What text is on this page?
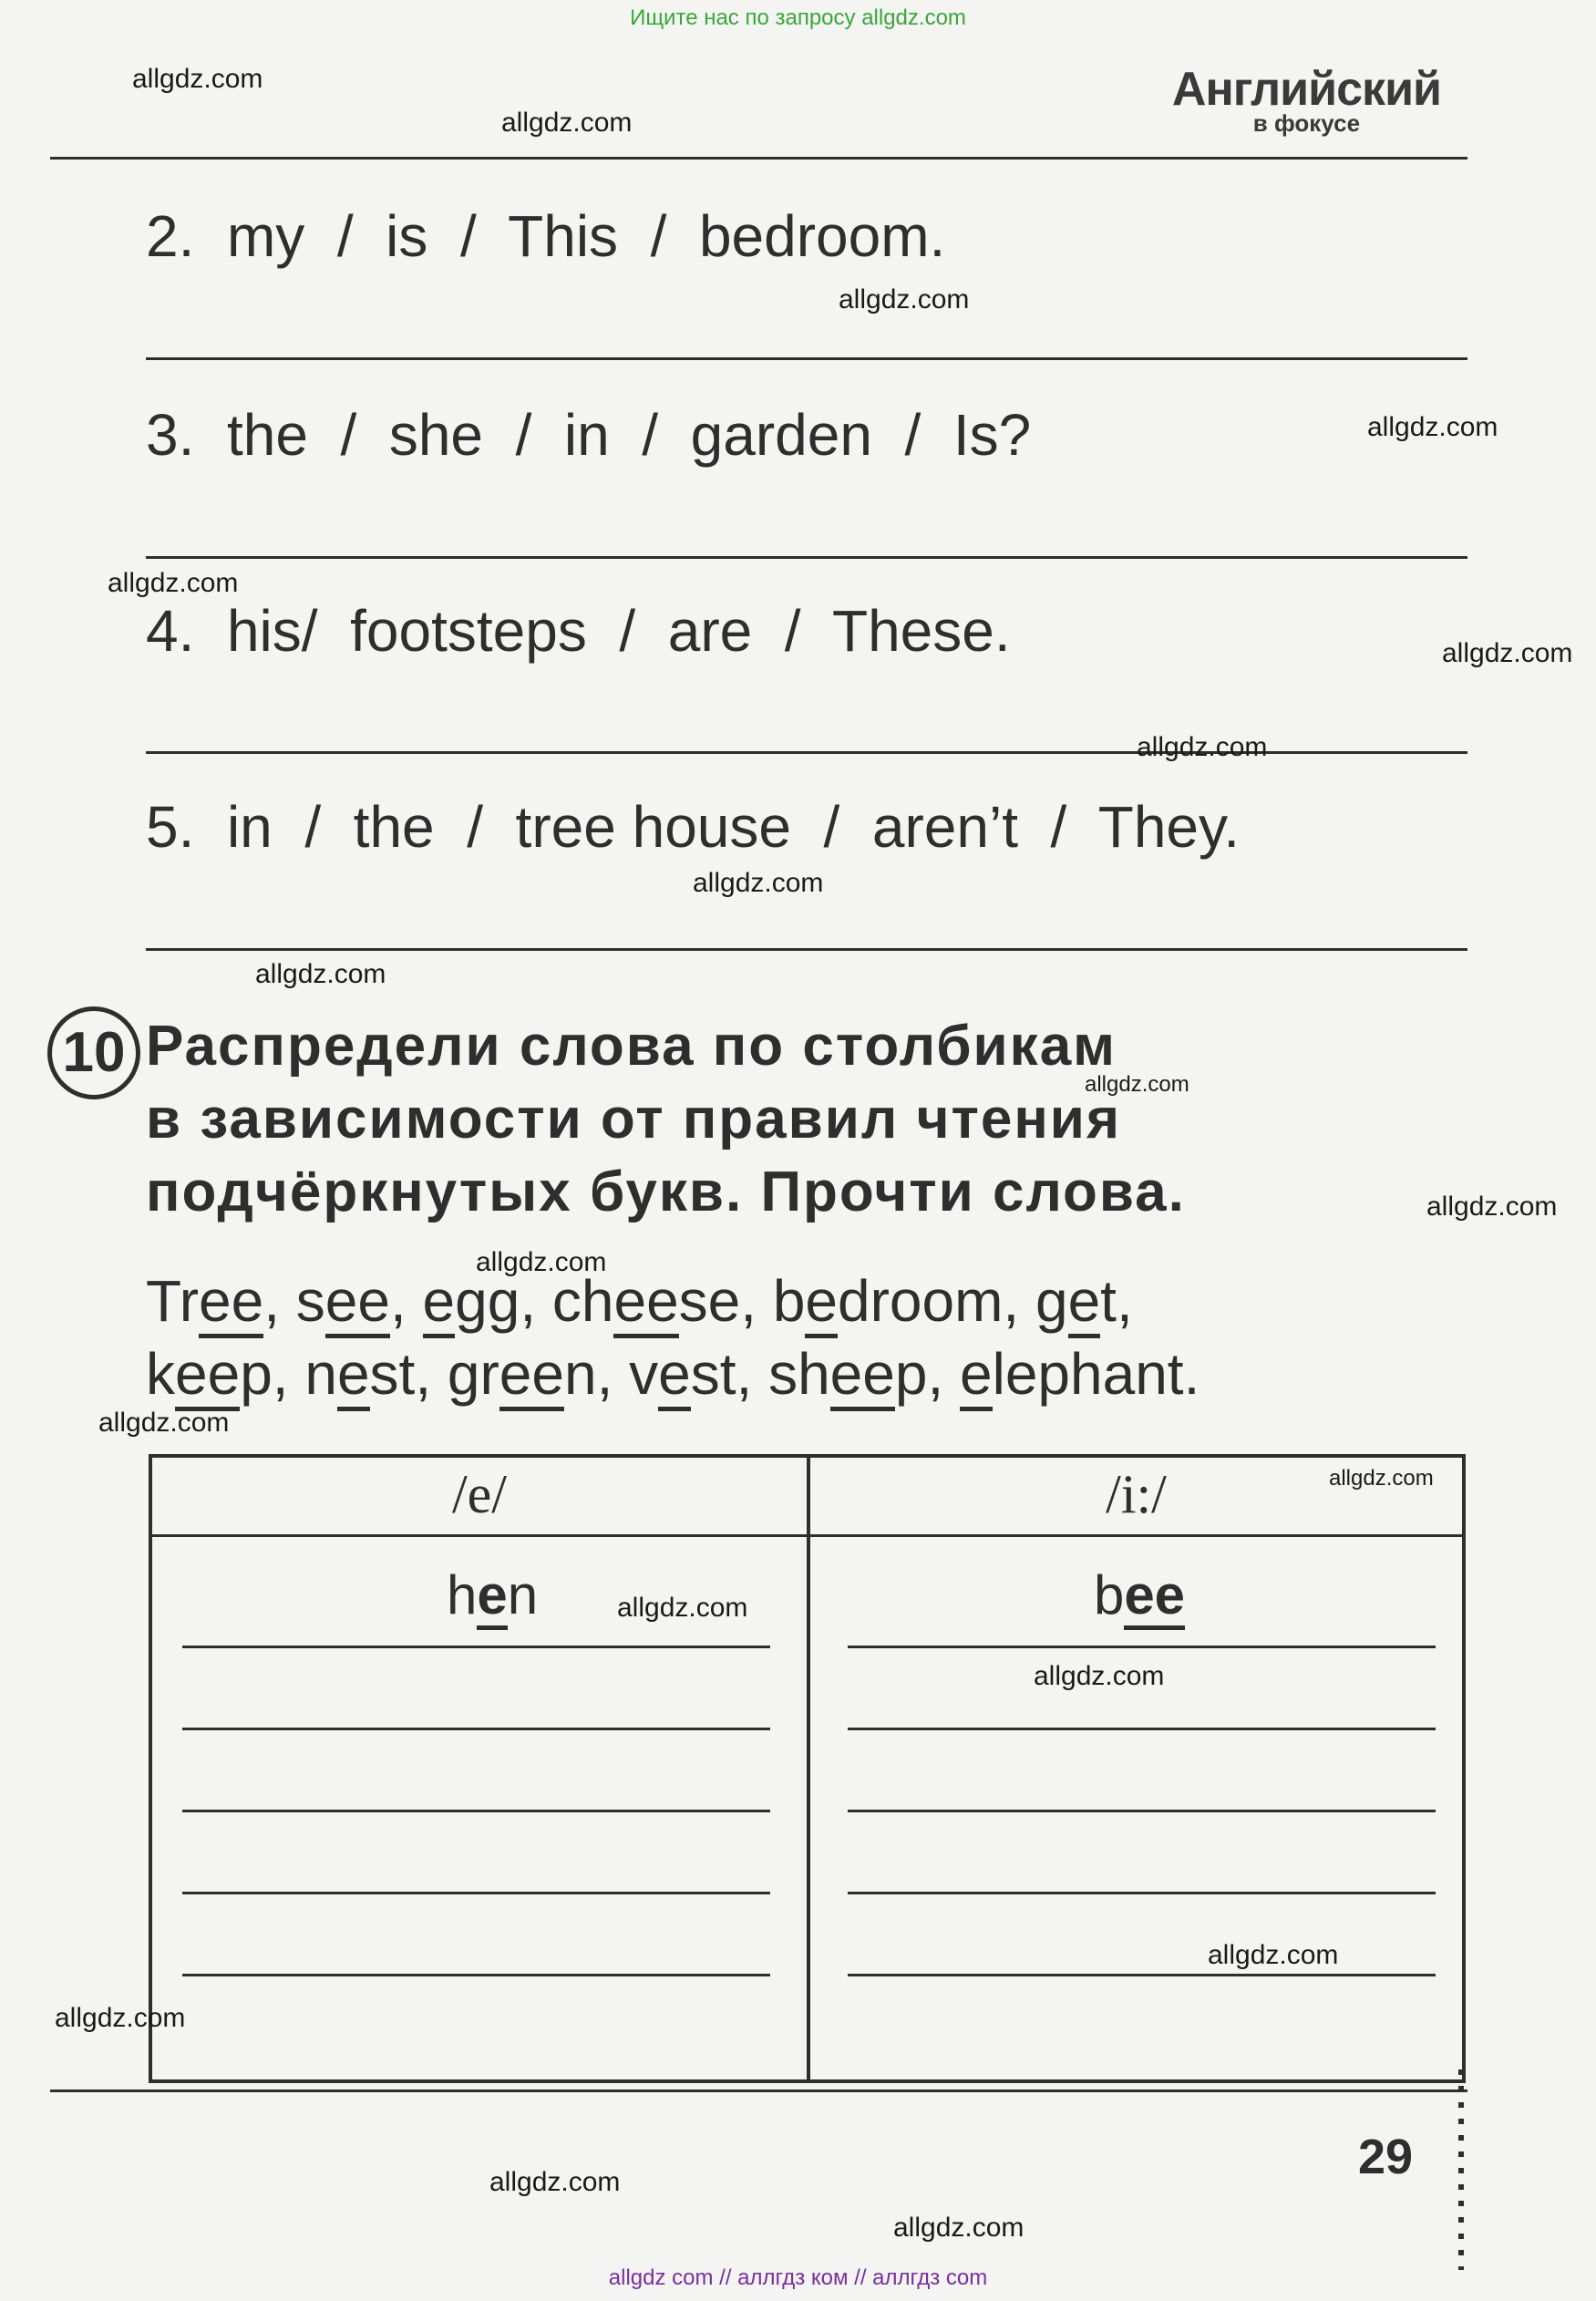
Ищите нас по запросу allgdz.com
Английский
в фокусе
2.  my  /  is  /  This  /  bedroom.
3.  the  /  she  /  in  /  garden  /  Is?
4.  his/  footsteps  /  are  /  These.
5.  in  /  the  /  tree house  /  aren’t  /  They.
10 Распредели слова по столбикам
в зависимости от правил чтения
подчёркнутых букв. Прочти слова.
Tree, see, egg, cheese, bedroom, get,
keep, nest, green, vest, sheep, elephant.
/e/	/i:/
hen	bee
29
allgdz.com
allgdz.com
allgdz.com
allgdz.com
allgdz.com
allgdz.com
allgdz.com
allgdz.com
allgdz.com
allgdz.com
allgdz.com
allgdz.com
allgdz.com
allgdz.com
allgdz.com
allgdz.com
allgdz.com
allgdz.com
allgdz.com
allgdz.com
allgdz com // аллгдз ком // аллгдз com
